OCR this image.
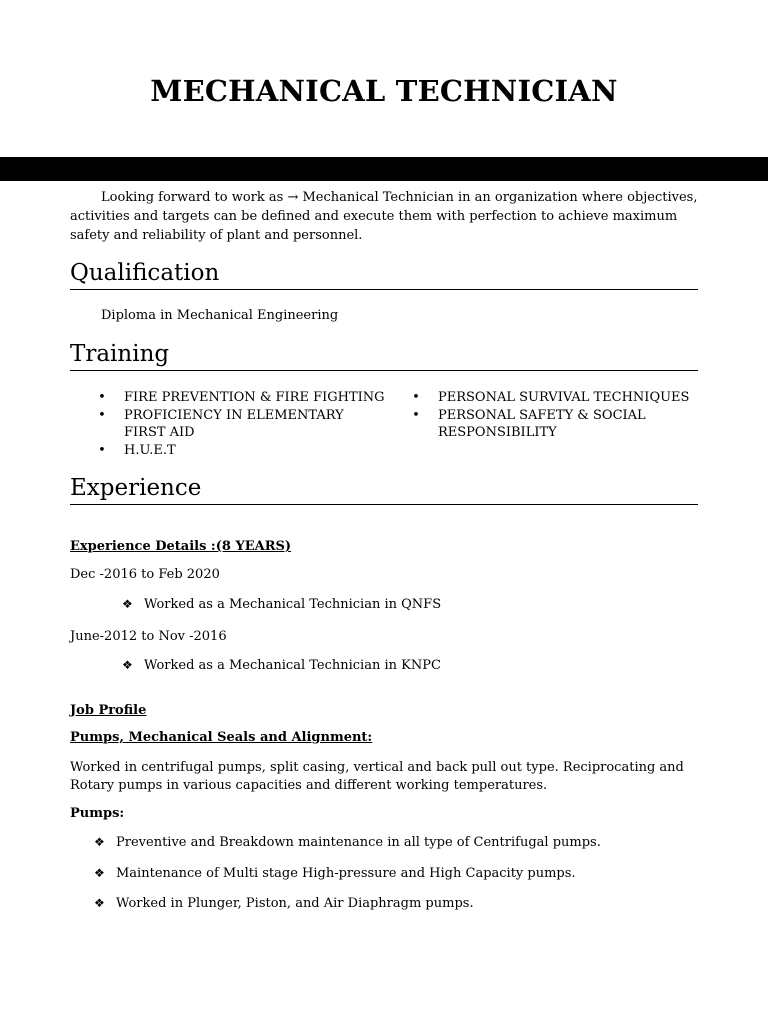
MECHANICAL TECHNICIAN
Looking forward to work as → Mechanical Technician in an organization where objectives, activities and targets can be defined and execute them with perfection to achieve maximum safety and reliability of plant and personnel.
Qualification
Diploma in Mechanical Engineering
Training
• FIRE PREVENTION & FIRE FIGHTING
• PROFICIENCY IN ELEMENTARY FIRST AID
• H.U.E.T
• PERSONAL SURVIVAL TECHNIQUES
• PERSONAL SAFETY & SOCIAL RESPONSIBILITY
Experience
Experience Details :(8 YEARS)
Dec -2016 to Feb 2020
❖ Worked as a Mechanical Technician in QNFS
June-2012 to Nov -2016
❖ Worked as a Mechanical Technician in KNPC
Job Profile
Pumps, Mechanical Seals and Alignment:
Worked in centrifugal pumps, split casing, vertical and back pull out type. Reciprocating and Rotary pumps in various capacities and different working temperatures.
Pumps:
❖ Preventive and Breakdown maintenance in all type of Centrifugal pumps.
❖ Maintenance of Multi stage High-pressure and High Capacity pumps.
❖ Worked in Plunger, Piston, and Air Diaphragm pumps.
